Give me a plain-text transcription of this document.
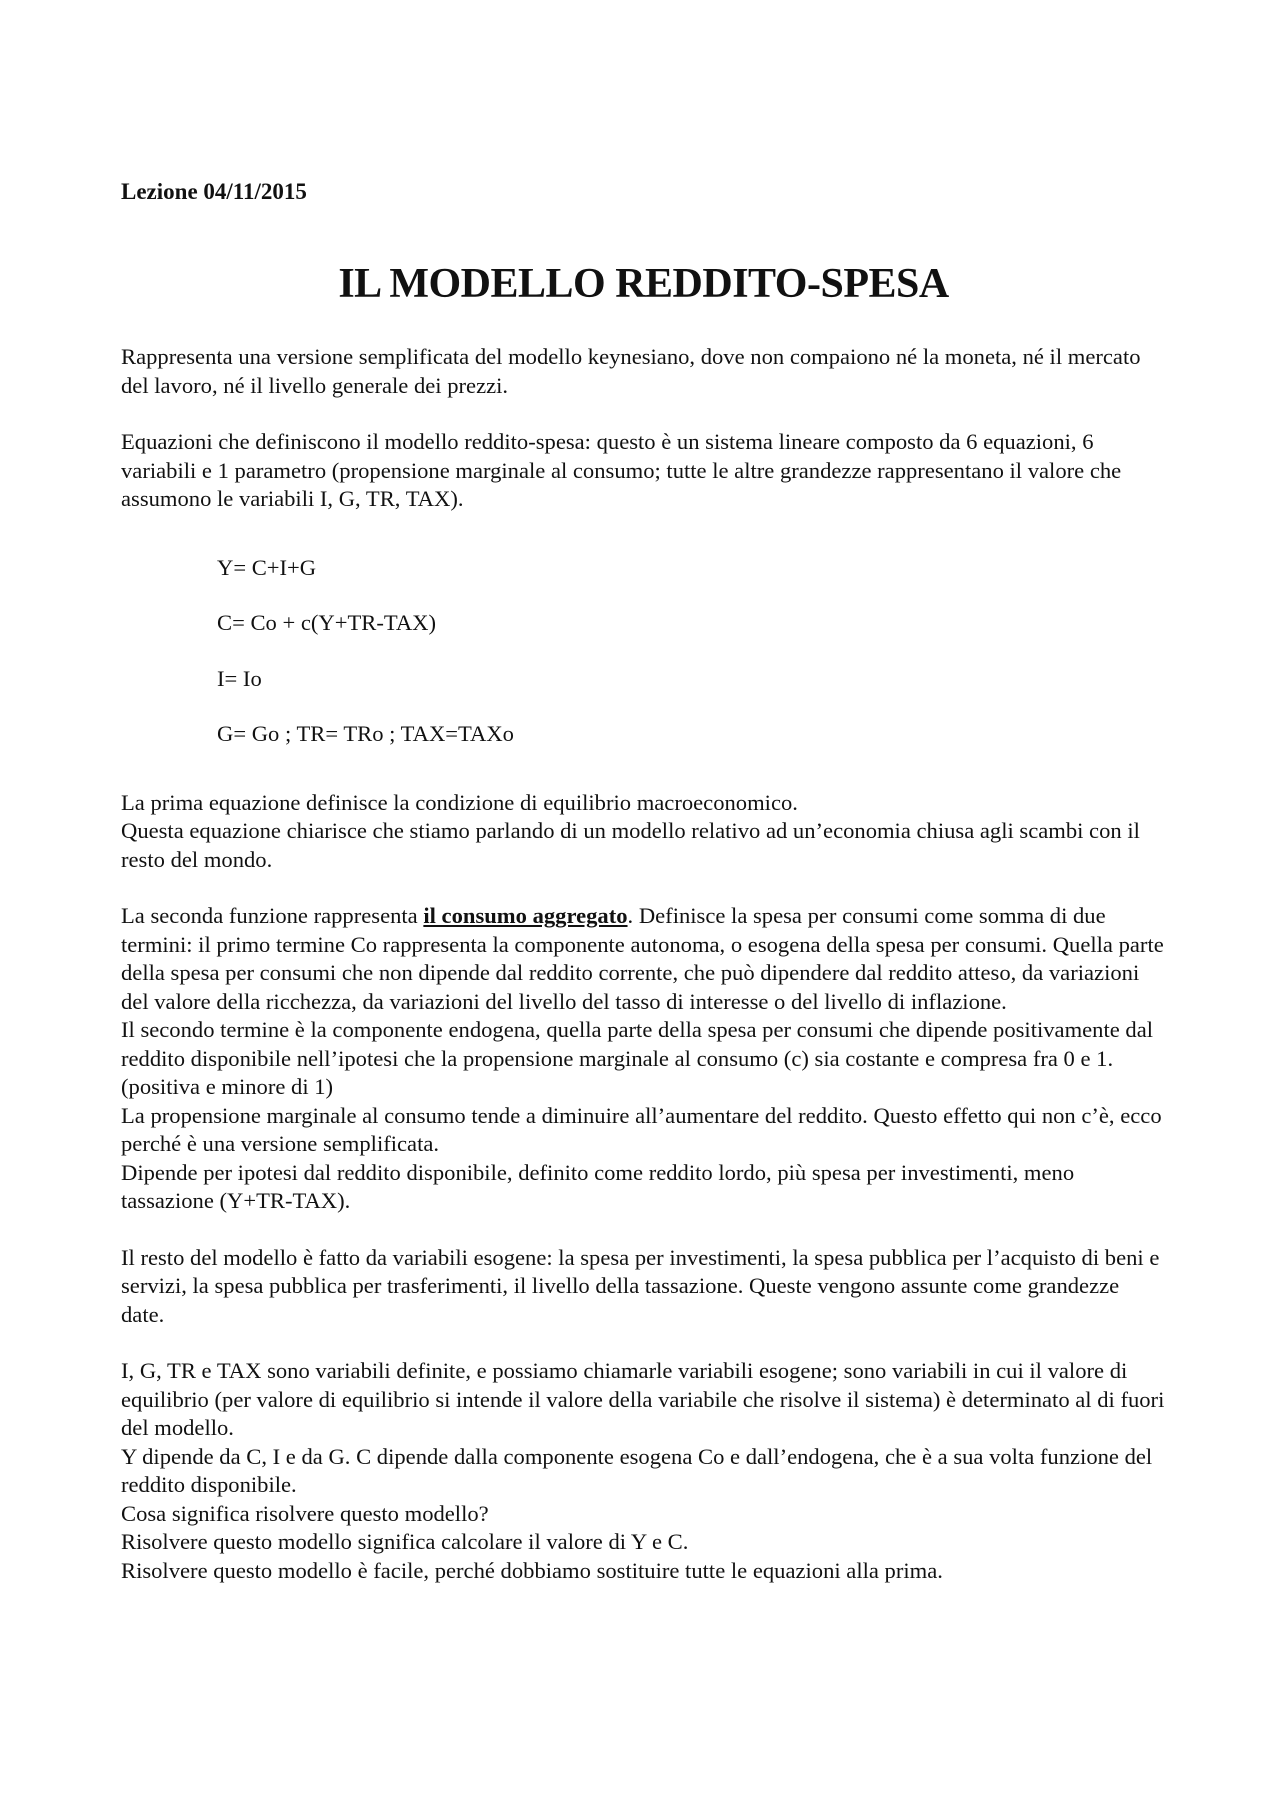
Lezione 04/11/2015

IL MODELLO REDDITO-SPESA

Rappresenta una versione semplificata del modello keynesiano, dove non compaiono né la moneta, né il mercato del lavoro, né il livello generale dei prezzi.

Equazioni che definiscono il modello reddito-spesa: questo è un sistema lineare composto da 6 equazioni, 6 variabili e 1 parametro (propensione marginale al consumo; tutte le altre grandezze rappresentano il valore che assumono le variabili I, G, TR, TAX).

Y= C+I+G

C= Co + c(Y+TR-TAX)

I= Io

G= Go ; TR= TRo ; TAX=TAXo

La prima equazione definisce la condizione di equilibrio macroeconomico.

Questa equazione chiarisce che stiamo parlando di un modello relativo ad un’economia chiusa agli scambi con il resto del mondo.

La seconda funzione rappresenta il consumo aggregato. Definisce la spesa per consumi come somma di due termini: il primo termine Co rappresenta la componente autonoma, o esogena della spesa per consumi. Quella parte della spesa per consumi che non dipende dal reddito corrente, che può dipendere dal reddito atteso, da variazioni del valore della ricchezza, da variazioni del livello del tasso di interesse o del livello di inflazione.

Il secondo termine è la componente endogena, quella parte della spesa per consumi che dipende positivamente dal reddito disponibile nell’ipotesi che la propensione marginale al consumo (c) sia costante e compresa fra 0 e 1. (positiva e minore di 1)

La propensione marginale al consumo tende a diminuire all’aumentare del reddito. Questo effetto qui non c’è, ecco perché è una versione semplificata.

Dipende per ipotesi dal reddito disponibile, definito come reddito lordo, più spesa per investimenti, meno tassazione (Y+TR-TAX).

Il resto del modello è fatto da variabili esogene: la spesa per investimenti, la spesa pubblica per l’acquisto di beni e servizi, la spesa pubblica per trasferimenti, il livello della tassazione. Queste vengono assunte come grandezze date.

I, G, TR e TAX sono variabili definite, e possiamo chiamarle variabili esogene; sono variabili in cui il valore di equilibrio (per valore di equilibrio si intende il valore della variabile che risolve il sistema) è determinato al di fuori del modello.

Y dipende da C, I e da G. C dipende dalla componente esogena Co e dall’endogena, che è a sua volta funzione del reddito disponibile.

Cosa significa risolvere questo modello?

Risolvere questo modello significa calcolare il valore di Y e C.

Risolvere questo modello è facile, perché dobbiamo sostituire tutte le equazioni alla prima.
